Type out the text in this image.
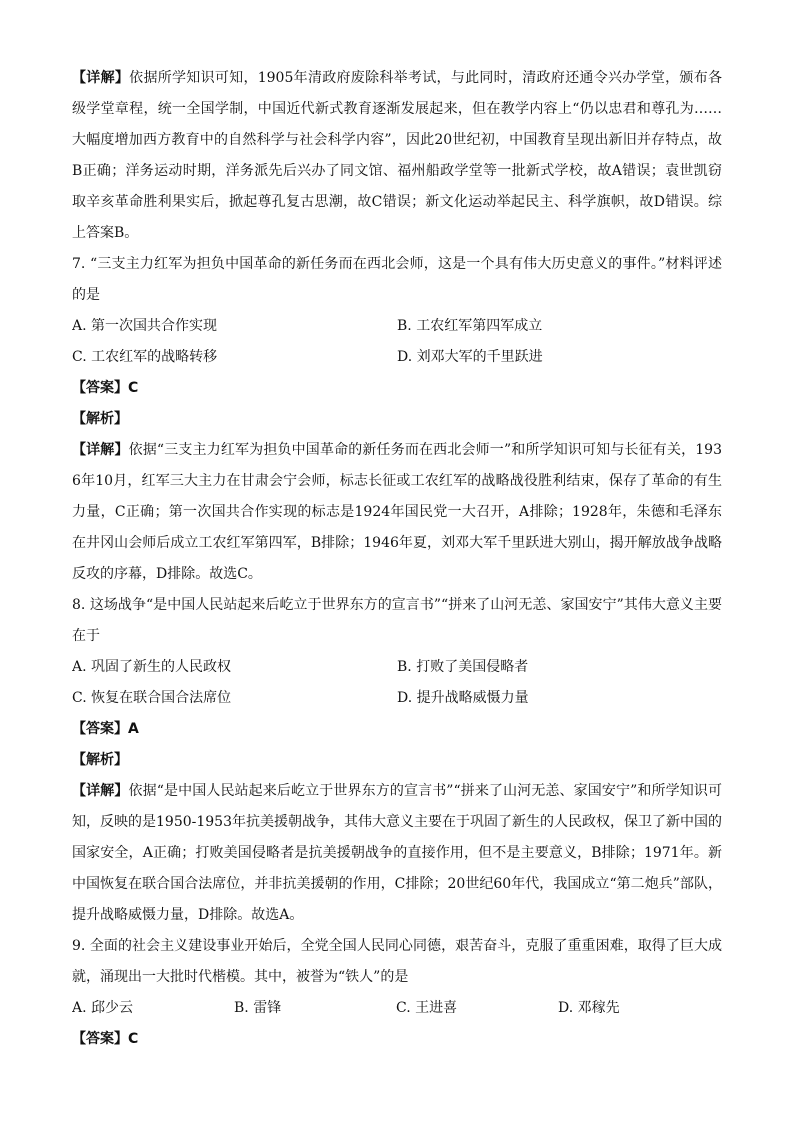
【详解】依据所学知识可知，1905年清政府废除科举考试，与此同时，清政府还通令兴办学堂，颁布各级学堂章程，统一全国学制，中国近代新式教育逐渐发展起来，但在教学内容上“仍以忠君和尊孔为……大幅度增加西方教育中的自然科学与社会科学内容”，因此20世纪初，中国教育呈现出新旧并存特点，故B正确；洋务运动时期，洋务派先后兴办了同文馆、福州船政学堂等一批新式学校，故A错误；袁世凯窃取辛亥革命胜利果实后，掀起尊孔复古思潮，故C错误；新文化运动举起民主、科学旗帜，故D错误。综上答案B。

7. “三支主力红军为担负中国革命的新任务而在西北会师，这是一个具有伟大历史意义的事件。”材料评述的是

A. 第一次国共合作实现	B. 工农红军第四军成立
C. 工农红军的战略转移	D. 刘邓大军的千里跃进

【答案】C

【解析】

【详解】依据“三支主力红军为担负中国革命的新任务而在西北会师一”和所学知识可知与长征有关，1936年10月，红军三大主力在甘肃会宁会师，标志长征或工农红军的战略战役胜利结束，保存了革命的有生力量，C正确；第一次国共合作实现的标志是1924年国民党一大召开，A排除；1928年，朱德和毛泽东在井冈山会师后成立工农红军第四军，B排除；1946年夏，刘邓大军千里跃进大别山，揭开解放战争战略反攻的序幕，D排除。故选C。

8. 这场战争“是中国人民站起来后屹立于世界东方的宣言书”“拼来了山河无恙、家国安宁”其伟大意义主要在于

A. 巩固了新生的人民政权	B. 打败了美国侵略者
C. 恢复在联合国合法席位	D. 提升战略威慑力量

【答案】A

【解析】

【详解】依据“是中国人民站起来后屹立于世界东方的宣言书”“拼来了山河无恙、家国安宁”和所学知识可知，反映的是1950-1953年抗美援朝战争，其伟大意义主要在于巩固了新生的人民政权，保卫了新中国的国家安全，A正确；打败美国侵略者是抗美援朝战争的直接作用，但不是主要意义，B排除；1971年。新中国恢复在联合国合法席位，并非抗美援朝的作用，C排除；20世纪60年代，我国成立“第二炮兵”部队，提升战略威慑力量，D排除。故选A。

9. 全面的社会主义建设事业开始后，全党全国人民同心同德，艰苦奋斗，克服了重重困难，取得了巨大成就，涌现出一大批时代楷模。其中，被誉为“铁人”的是

A. 邱少云	B. 雷锋	C. 王进喜	D. 邓稼先

【答案】C
